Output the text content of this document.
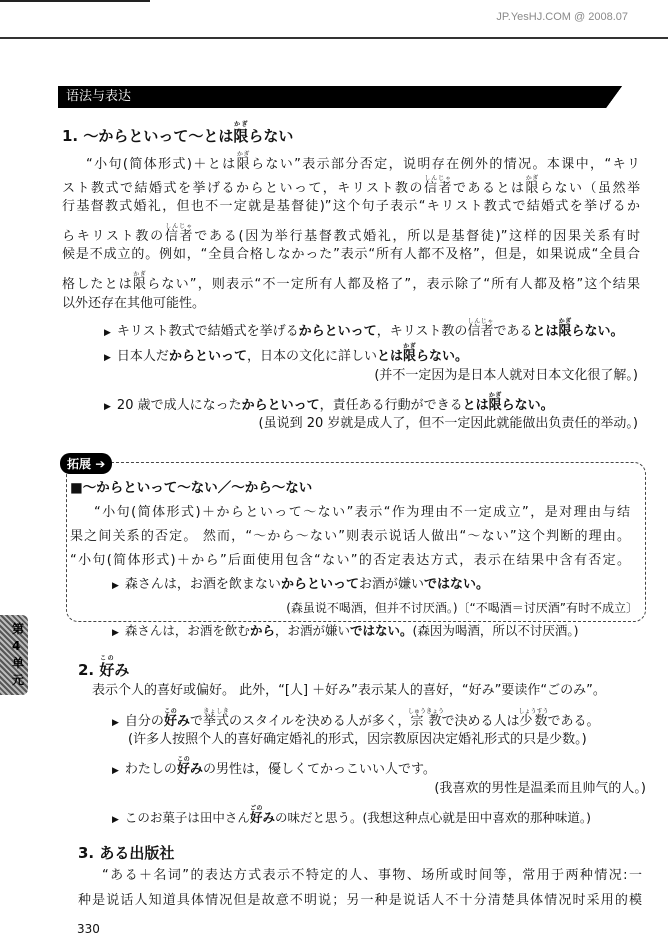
JP.YesHJ.COM @ 2008.07
语法与表达
1. ～からといって～とは限かぎらない
“小句(简体形式)＋とは限かぎらない”表示部分否定，说明存在例外的情况。本课中，“キリ
スト教式で結婚式を挙げるからといって，キリスト教の信者しんじゃであるとは限かぎらない（虽然举
行基督教式婚礼，但也不一定就是基督徒)”这个句子表示“キリスト教式で結婚式を挙げるか
らキリスト教の信者しんじゃである(因为举行基督教式婚礼，所以是基督徒)”这样的因果关系有时
候是不成立的。例如，“全員合格しなかった”表示“所有人都不及格”，但是，如果说成“全員合
格したとは限かぎらない”，则表示“不一定所有人都及格了”，表示除了“所有人都及格”这个结果
以外还存在其他可能性。
▶ キリスト教式で結婚式を挙げるからといって，キリスト教の信者しんじゃであるとは限かぎらない。
▶ 日本人だからといって，日本の文化に詳しいとは限かぎらない。
(并不一定因为是日本人就对日本文化很了解。)
▶ 20 歳で成人になったからといって，責任ある行動ができるとは限かぎらない。
(虽说到 20 岁就是成人了，但不一定因此就能做出负责任的举动。)
拓展 ➔
■～からといって～ない／～から～ない
“小句(简体形式)＋からといって～ない”表示“作为理由不一定成立”，是对理由与结
果之间关系的否定。 然而，“～から～ない”则表示说话人做出“～ない”这个判断的理由。
“小句(简体形式)＋から”后面使用包含“ない”的否定表达方式，表示在结果中含有否定。
▶ 森さんは，お酒を飲まないからといってお酒が嫌いではない。
(森虽说不喝酒，但并不讨厌酒。)〔“不喝酒＝讨厌酒”有时不成立〕
▶ 森さんは，お酒を飲むから，お酒が嫌いではない。(森因为喝酒，所以不讨厌酒。)
第4单元
2. 好このみ
表示个人的喜好或偏好。 此外，“[人] ＋好み”表示某人的喜好，“好み”要读作“ごのみ”。
▶ 自分の好このみで挙式きょしきのスタイルを決める人が多く，宗教しゅうきょうで決める人は少数しょうすうである。
(许多人按照个人的喜好确定婚礼的形式，因宗教原因决定婚礼形式的只是少数。)
▶ わたしの好このみの男性は，優しくてかっこいい人です。
(我喜欢的男性是温柔而且帅气的人。)
▶ このお菓子は田中さん好ごのみの味だと思う。(我想这种点心就是田中喜欢的那种味道。)
3. ある出版社
“ある＋名词”的表达方式表示不特定的人、事物、场所或时间等，常用于两种情况:一
种是说话人知道具体情况但是故意不明说；另一种是说话人不十分清楚具体情况时采用的模
330
